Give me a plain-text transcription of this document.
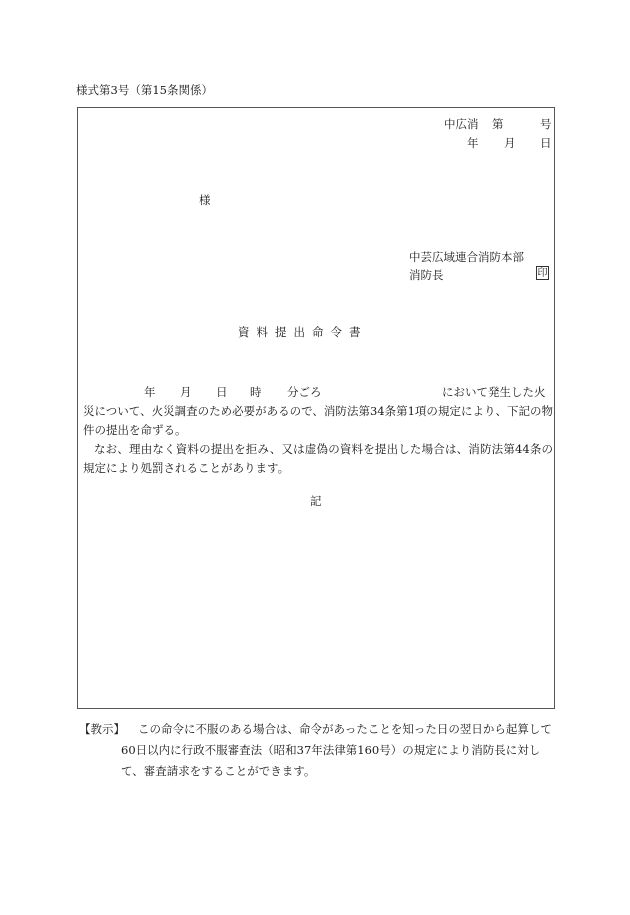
様式第3号（第15条関係）
中広消 第	号
年 月 日
様
中芸広域連合消防本部
消防長	印
資料提出命令書
年 月 日 時 分ごろ	において発生した火

災について、火災調査のため必要があるので、消防法第34条第1項の規定により、下記の物件の提出を命ずる。

なお、理由なく資料の提出を拒み、又は虚偽の資料を提出した場合は、消防法第44条の規定により処罰されることがあります。

記
【教示】	この命令に不服のある場合は、命令があったことを知った日の翌日から起算して60日以内に行政不服審査法（昭和37年法律第160号）の規定により消防長に対して、審査請求をすることができます。
